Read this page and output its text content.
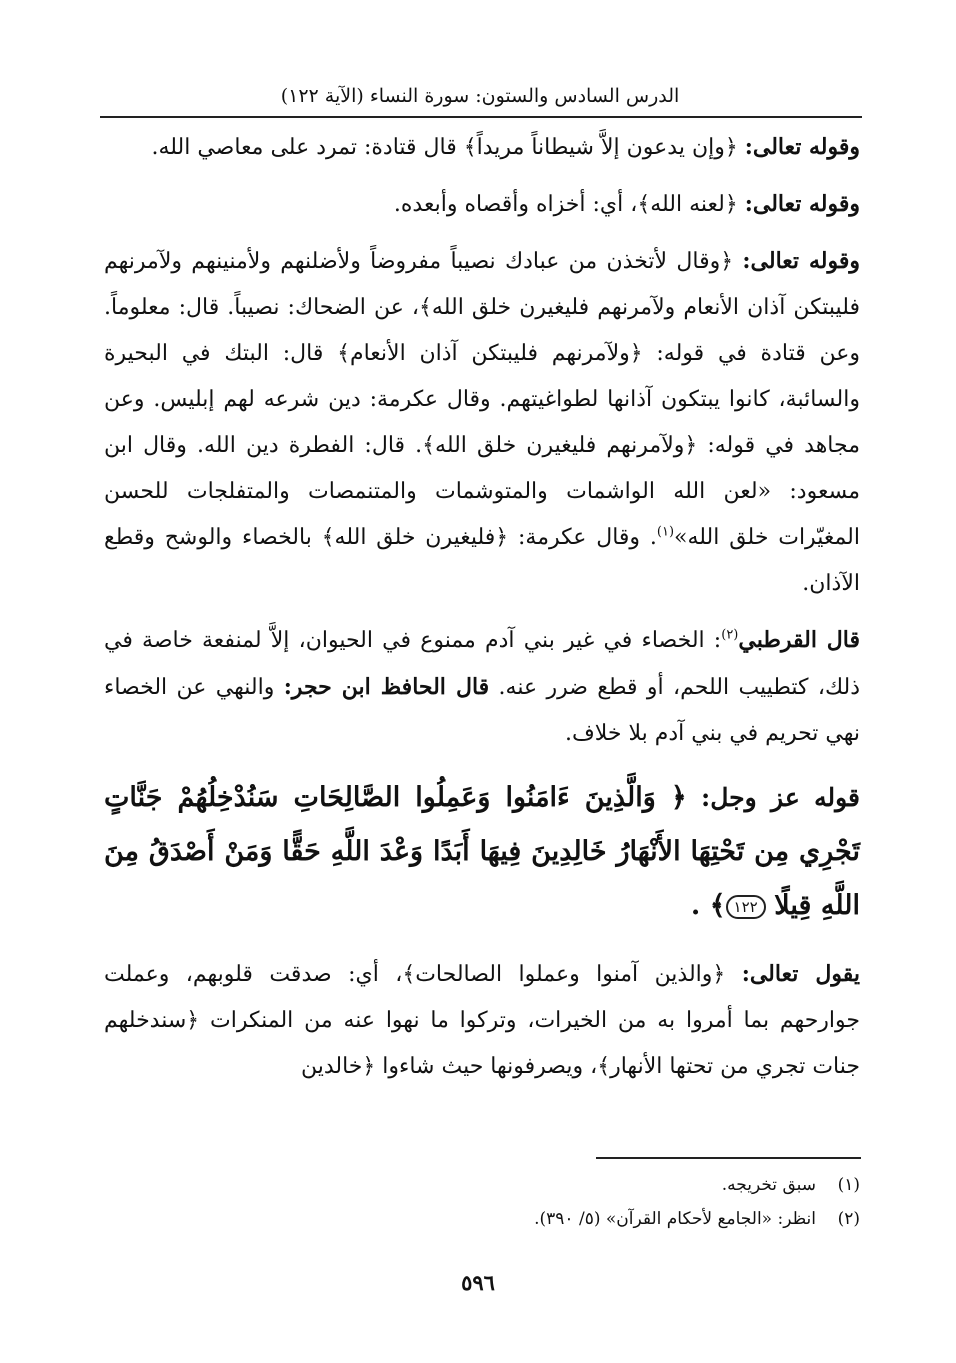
الدرس السادس والستون: سورة النساء (الآية ١٢٢)

وقوله تعالى: ﴿وإن يدعون إلاَّ شيطاناً مريداً﴾ قال قتادة: تمرد على معاصي الله.

وقوله تعالى: ﴿لعنه الله﴾، أي: أخزاه وأقصاه وأبعده.

وقوله تعالى: ﴿وقال لأتخذن من عبادك نصيباً مفروضاً ولأضلنهم ولأمنينهم ولآمرنهم فليبتكن آذان الأنعام ولآمرنهم فليغيرن خلق الله﴾، عن الضحاك: نصيباً. قال: معلوماً. وعن قتادة في قوله: ﴿ولآمرنهم فليبتكن آذان الأنعام﴾ قال: البتك في البحيرة والسائبة، كانوا يبتكون آذانها لطواغيتهم. وقال عكرمة: دين شرعه لهم إبليس. وعن مجاهد في قوله: ﴿ولآمرنهم فليغيرن خلق الله﴾. قال: الفطرة دين الله. وقال ابن مسعود: «لعن الله الواشمات والمتوشمات والمتنمصات والمتفلجات للحسن المغيّرات خلق الله»$^{(١)}$. وقال عكرمة: ﴿فليغيرن خلق الله﴾ بالخصاء والوشح وقطع الآذان.

قال القرطبي$^{(٢)}$: الخصاء في غير بني آدم ممنوع في الحيوان، إلاَّ لمنفعة خاصة في ذلك، كتطييب اللحم، أو قطع ضرر عنه. قال الحافظ ابن حجر: والنهي عن الخصاء نهي تحريم في بني آدم بلا خلاف.

قوله عز وجل: ﴿ وَالَّذِينَ ءَامَنُوا وَعَمِلُوا الصَّالِحَاتِ سَنُدْخِلُهُمْ جَنَّاتٍ تَجْرِي مِن تَحْتِهَا الأَنْهَارُ خَالِدِينَ فِيهَا أَبَدًا وَعْدَ اللَّهِ حَقًّا وَمَنْ أَصْدَقُ مِنَ اللَّهِ قِيلًا ١٢٢﴾ .

يقول تعالى: ﴿والذين آمنوا وعملوا الصالحات﴾، أي: صدقت قلوبهم، وعملت جوارحهم بما أمروا به من الخيرات، وتركوا ما نهوا عنه من المنكرات ﴿سندخلهم جنات تجري من تحتها الأنهار﴾، ويصرفونها حيث شاءوا ﴿خالدين

(١)سبق تخريجه.

(٢)انظر: «الجامع لأحكام القرآن» (٥/ ٣٩٠).

٥٩٦
